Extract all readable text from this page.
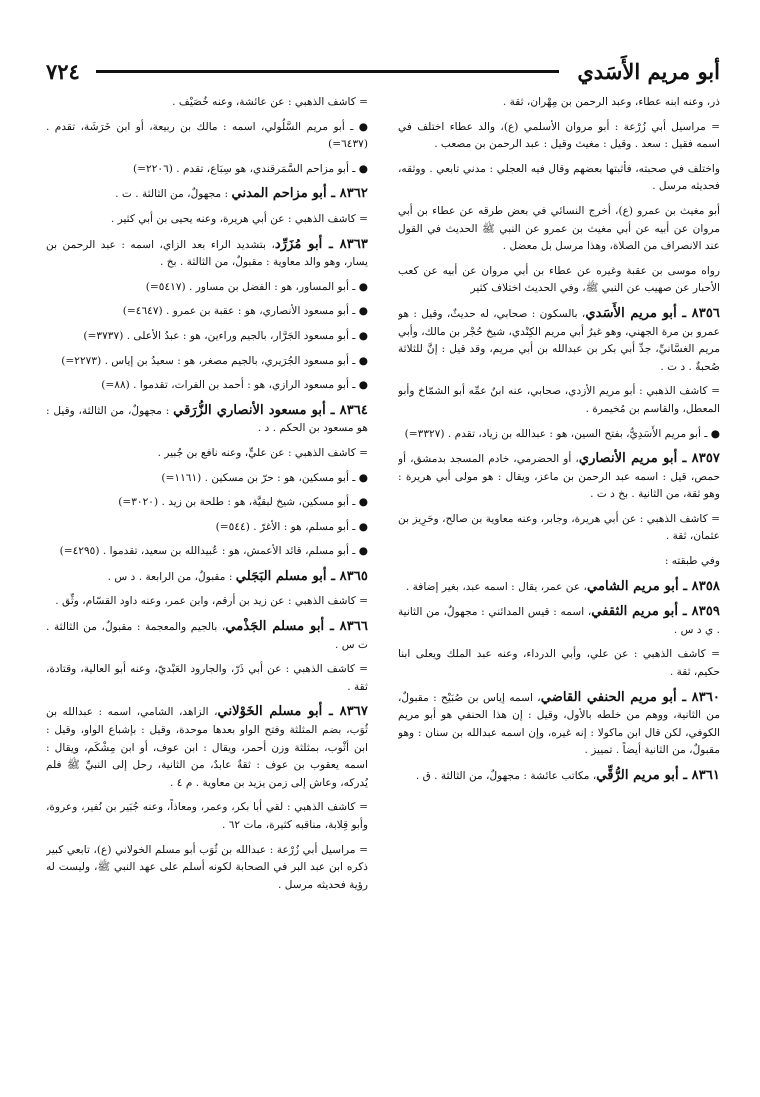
أبو مريم الأَسَدي
٧٢٤

ذر، وعنه ابنه عطاء، وعبد الرحمن بن مِهْران، ثقة .

= مراسيل أبي زُرْعة : أبو مروان الأسلمي (ع)، والد عطاء اختلف في اسمه فقيل : سعد . وقيل : مغيث وقيل : عبد الرحمن بن مصعب .

واختلف في صحبته، فأثبتها بعضهم وقال فيه العجلي : مدني تابعي . ووثقه، فحديثه مرسل .

أبو مغيث بن عمرو (ع)، أخرج النسائي في بعض طرقه عن عطاء بن أبي مروان عن أبيه عن أبي مغيث بن عمرو عن النبي ﷺ الحديث في القول عند الانصراف من الصلاة، وهذا مرسل بل معضل .

رواه موسى بن عقبة وغيره عن عطاء بن أبي مروان عن أبيه عن كعب الأحبار عن صهيب عن النبي ﷺ، وفي الحديث اختلاف كثير

٨٣٥٦ ـ أبو مريم الأَسَدي، بالسكون : صحابي، له حديثٌ، وقيل : هو عمرو بن مرة الجهني، وهو غيرُ أبي مريم الكِنْدي، شيخ حُجْر بن مالك، وأبي مريم الغسَّانيِّ، جدِّ أبي بكر بن عبدالله بن أبي مريم، وقد قيل : إنَّ للثلاثة صُحبةٌ . د ت .

= كاشف الذهبي : أبو مريم الأزدي، صحابي، عنه ابنُ عمِّه أبو الشمّاخ وأبو المعطل، والقاسم بن مُخيمرة .

● ـ أبو مريم الأَسَدِيُّ، بفتح السين، هو : عبدالله بن زياد، تقدم . (٣٣٢٧=)

٨٣٥٧ ـ أبو مريم الأنصاري، أو الحضرمي، خادم المسجد بدمشق، أو حمص، قيل : اسمه عبد الرحمن بن ماعز، ويقال : هو مولى أبي هريرة : وهو ثقة، من الثانية . بخ د ت .

= كاشف الذهبي : عن أبي هريرة، وجابر، وعنه معاوية بن صالح، وحَرِيز بن عثمان، ثقة .

وفي طبقته :

٨٣٥٨ ـ أبو مريم الشامي، عن عمر، يقال : اسمه عبد، بغير إضافة .

٨٣٥٩ ـ أبو مريم الثقفي، اسمه : قيس المدائني : مجهولٌ، من الثانية . ي د س .

= كاشف الذهبي : عن علي، وأبي الدرداء، وعنه عبد الملك ويعلى ابنا حكيم، ثقة .

٨٣٦٠ ـ أبو مريم الحنفي القاضي، اسمه إياس بن صُبَيْح : مقبولٌ، من الثانية، ووهم من خلطه بالأول، وقيل : إن هذا الحنفي هو أبو مريم الكوفي، لكن قال ابن ماكولا : إنه غيره، وإن اسمه عبدالله بن سنان : وهو مقبولٌ، من الثانية أيضاً . تمييز .

٨٣٦١ ـ أبو مريم الرُّقِّي، مكاتب عائشة : مجهولٌ، من الثالثة . ق .

= كاشف الذهبي : عن عائشة، وعنه خُصَيْف .

● ـ أبو مريم السَّلُولي، اسمه : مالك بن ربيعة، أو ابن خَرَشَة، تقدم . (٦٤٣٧=)

● ـ أبو مزاحم السَّمَرقندي، هو سِبَاع، تقدم . (٢٢٠٦=)

٨٣٦٢ ـ أبو مزاحم المدني : مجهولٌ، من الثالثة . ت .

= كاشف الذهبي : عن أبي هريرة، وعنه يحيى بن أبي كثير .

٨٣٦٣ ـ أبو مُزَرِّد، بتشديد الراء بعد الزاي، اسمه : عبد الرحمن بن يسار، وهو والد معاوية : مقبولٌ، من الثالثة . بخ .

● ـ أبو المساور، هو : الفضل بن مساور . (٥٤١٧=)

● ـ أبو مسعود الأنصاري، هو : عقبة بن عمرو . (٤٦٤٧=)

● ـ أبو مسعود الجَرَّار، بالجيم وراءين، هو : عبدُ الأعلى . (٣٧٣٧=)

● ـ أبو مسعود الجُرَيري، بالجيم مصغر، هو : سعيدُ بن إياس . (٢٢٧٣=)

● ـ أبو مسعود الرازي، هو : أحمد بن الفرات، تقدموا . (٨٨=)

٨٣٦٤ ـ أبو مسعود الأنصاري الزُّرَقي : مجهولٌ، من الثالثة، وقيل : هو مسعود بن الحكم . د .

= كاشف الذهبي : عن عليٍّ، وعنه نافع بن جُبير .

● ـ أبو مسكين، هو : حرّ بن مسكين . (١١٦١=)

● ـ أبو مسكين، شيخ لبقيَّة، هو : طلحة بن زيد . (٣٠٢٠=)

● ـ أبو مسلم، هو : الأغرّ . (٥٤٤=)

● ـ أبو مسلم، قائد الأعمش، هو : عُبيدالله بن سعيد، تقدموا . (٤٢٩٥=)

٨٣٦٥ ـ أبو مسلم البَجَلي : مقبولٌ، من الرابعة . د س .

= كاشف الذهبي : عن زيد بن أرقم، وابن عمر، وعنه داود القسّام، وثِّق .

٨٣٦٦ ـ أبو مسلم الجَذْمي، بالجيم والمعجمة : مقبولٌ، من الثالثة . ت س .

= كاشف الذهبي : عن أبي ذَرّ، والجارود العَبْديّ، وعنه أبو العالية، وقتادة، ثقة .

٨٣٦٧ ـ أبو مسلم الخَوْلاني، الزاهد، الشامي، اسمه : عبدالله بن ثُوَب، بضم المثلثة وفتح الواو بعدها موحدة، وقيل : بإشباع الواو، وقيل : ابن أثْوب، بمثلثة وزن أحمر، ويقال : ابن عوف، أو ابن مِشْكَم، ويقال : اسمه يعقوب بن عوف : ثقةٌ عابدٌ، من الثانية، رحل إلى النبيِّ ﷺ فلم يُدركه، وعاش إلى زمن يزيد بن معاوية . م ٤ .

= كاشف الذهبي : لقي أبا بكر، وعمر، ومعاذاً، وعنه جُبَير بن نُفير، وعروة، وأبو قِلابة، مناقبه كثيرة، مات ٦٢ .

= مراسيل أبي زُرْعة : عبدالله بن ثُوَب أبو مسلم الخولاني (ع)، تابعي كبير ذكره ابن عبد البر في الصحابة لكونه أسلم على عهد النبي ﷺ، وليست له رؤية فحديثه مرسل .
